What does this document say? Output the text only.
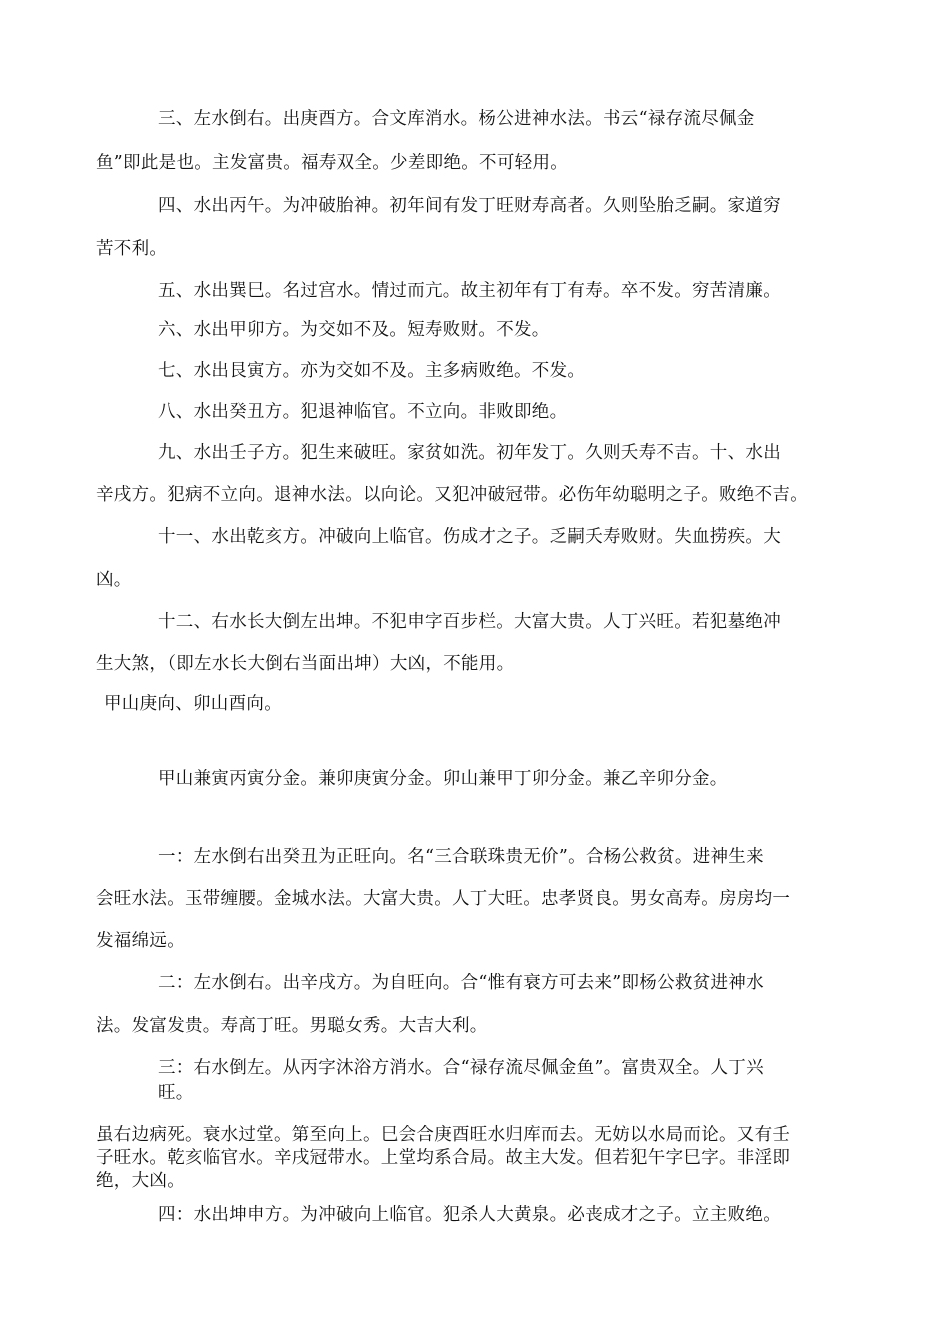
三、左水倒右。出庚酉方。合文库消水。杨公进神水法。书云“禄存流尽佩金
鱼”即此是也。主发富贵。福寿双全。少差即绝。不可轻用。
四、水出丙午。为冲破胎神。初年间有发丁旺财寿高者。久则坠胎乏嗣。家道穷
苦不利。
五、水出巽巳。名过宫水。情过而亢。故主初年有丁有寿。卒不发。穷苦清廉。
六、水出甲卯方。为交如不及。短寿败财。不发。
七、水出艮寅方。亦为交如不及。主多病败绝。不发。
八、水出癸丑方。犯退神临官。不立向。非败即绝。
九、水出壬子方。犯生来破旺。家贫如洗。初年发丁。久则夭寿不吉。十、水出
辛戌方。犯病不立向。退神水法。以向论。又犯冲破冠带。必伤年幼聪明之子。败绝不吉。
十一、水出乾亥方。冲破向上临官。伤成才之子。乏嗣夭寿败财。失血捞疾。大
凶。
十二、右水长大倒左出坤。不犯申字百步栏。大富大贵。人丁兴旺。若犯墓绝冲
生大煞，（即左水长大倒右当面出坤）大凶，不能用。
甲山庚向、卯山酉向。
甲山兼寅丙寅分金。兼卯庚寅分金。卯山兼甲丁卯分金。兼乙辛卯分金。
一：左水倒右出癸丑为正旺向。名“三合联珠贵无价”。合杨公救贫。进神生来
会旺水法。玉带缠腰。金城水法。大富大贵。人丁大旺。忠孝贤良。男女高寿。房房均一
发福绵远。
二：左水倒右。出辛戌方。为自旺向。合“惟有衰方可去来”即杨公救贫进神水
法。发富发贵。寿高丁旺。男聪女秀。大吉大利。
三：右水倒左。从丙字沐浴方消水。合“禄存流尽佩金鱼”。富贵双全。人丁兴
旺。
虽右边病死。衰水过堂。第至向上。巳会合庚酉旺水归库而去。无妨以水局而论。又有壬
子旺水。乾亥临官水。辛戌冠带水。上堂均系合局。故主大发。但若犯午字巳字。非淫即
绝，大凶。
四：水出坤申方。为冲破向上临官。犯杀人大黄泉。必丧成才之子。立主败绝。
